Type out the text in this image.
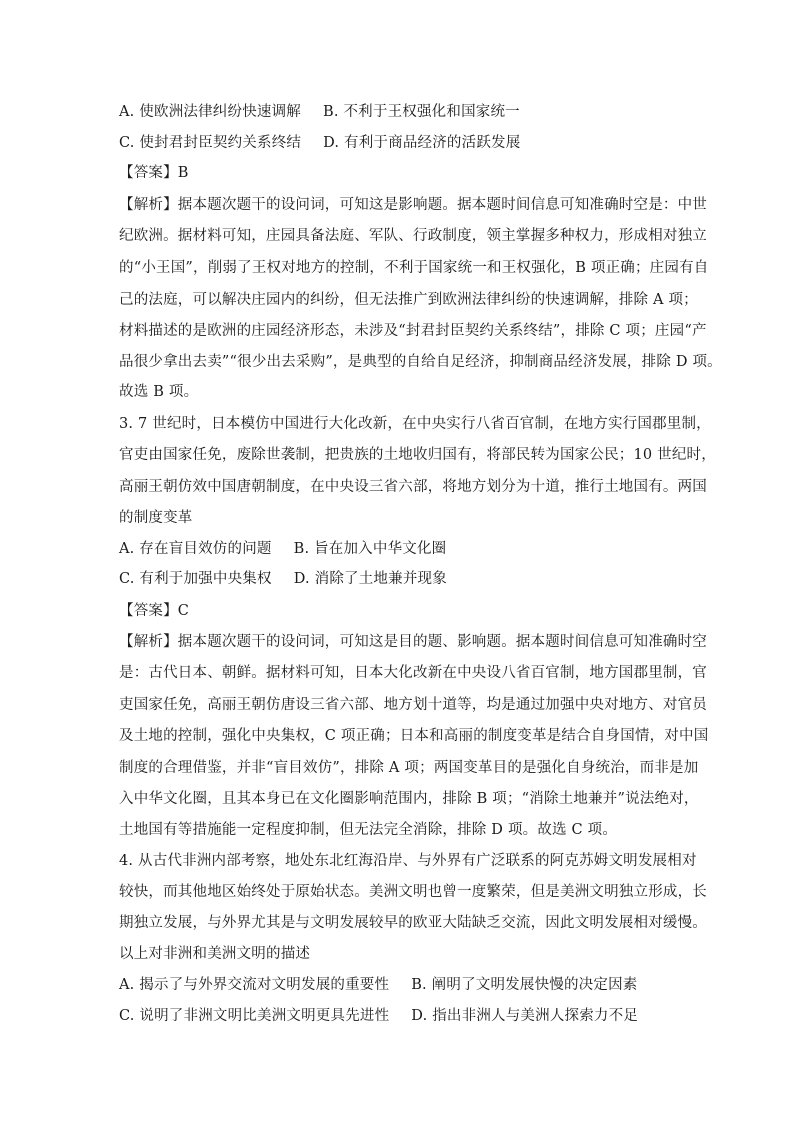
A. 使欧洲法律纠纷快速调解 B. 不利于王权强化和国家统一
C. 使封君封臣契约关系终结 D. 有利于商品经济的活跃发展
【答案】B
【解析】据本题次题干的设问词，可知这是影响题。据本题时间信息可知准确时空是：中世
纪欧洲。据材料可知，庄园具备法庭、军队、行政制度，领主掌握多种权力，形成相对独立
的“小王国”，削弱了王权对地方的控制，不利于国家统一和王权强化，B 项正确；庄园有自
己的法庭，可以解决庄园内的纠纷，但无法推广到欧洲法律纠纷的快速调解，排除 A 项；
材料描述的是欧洲的庄园经济形态，未涉及“封君封臣契约关系终结”，排除 C 项；庄园“产
品很少拿出去卖”“很少出去采购”，是典型的自给自足经济，抑制商品经济发展，排除 D 项。
故选 B 项。
3. 7 世纪时，日本模仿中国进行大化改新，在中央实行八省百官制，在地方实行国郡里制，
官吏由国家任免，废除世袭制，把贵族的土地收归国有，将部民转为国家公民；10 世纪时，
高丽王朝仿效中国唐朝制度，在中央设三省六部，将地方划分为十道，推行土地国有。两国
的制度变革
A. 存在盲目效仿的问题 B. 旨在加入中华文化圈
C. 有利于加强中央集权 D. 消除了土地兼并现象
【答案】C
【解析】据本题次题干的设问词，可知这是目的题、影响题。据本题时间信息可知准确时空
是：古代日本、朝鲜。据材料可知，日本大化改新在中央设八省百官制，地方国郡里制，官
吏国家任免，高丽王朝仿唐设三省六部、地方划十道等，均是通过加强中央对地方、对官员
及土地的控制，强化中央集权，C 项正确；日本和高丽的制度变革是结合自身国情，对中国
制度的合理借鉴，并非“盲目效仿”，排除 A 项；两国变革目的是强化自身统治，而非是加
入中华文化圈，且其本身已在文化圈影响范围内，排除 B 项；“消除土地兼并”说法绝对，
土地国有等措施能一定程度抑制，但无法完全消除，排除 D 项。故选 C 项。
4. 从古代非洲内部考察，地处东北红海沿岸、与外界有广泛联系的阿克苏姆文明发展相对
较快，而其他地区始终处于原始状态。美洲文明也曾一度繁荣，但是美洲文明独立形成，长
期独立发展，与外界尤其是与文明发展较早的欧亚大陆缺乏交流，因此文明发展相对缓慢。
以上对非洲和美洲文明的描述
A. 揭示了与外界交流对文明发展的重要性 B. 阐明了文明发展快慢的决定因素
C. 说明了非洲文明比美洲文明更具先进性 D. 指出非洲人与美洲人探索力不足
